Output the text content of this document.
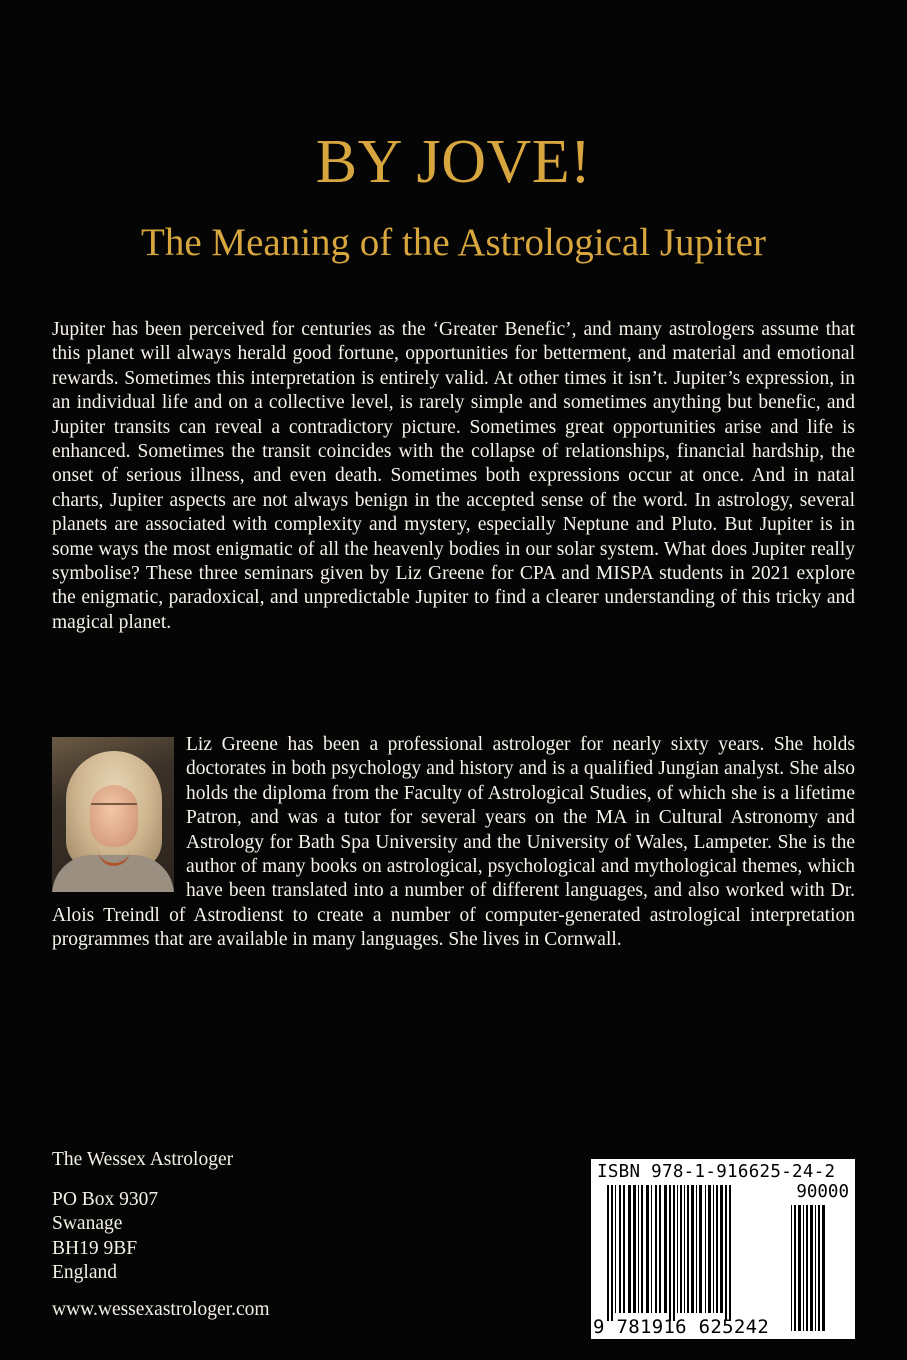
BY JOVE!
The Meaning of the Astrological Jupiter

Jupiter has been perceived for centuries as the ‘Greater Benefic’, and many astrologers assume that this planet will always herald good fortune, opportunities for betterment, and material and emotional rewards. Sometimes this interpretation is entirely valid. At other times it isn’t. Jupiter’s expression, in an individual life and on a collective level, is rarely simple and sometimes anything but benefic, and Jupiter transits can reveal a contradictory picture. Sometimes great opportunities arise and life is enhanced. Sometimes the transit coincides with the collapse of relationships, financial hardship, the onset of serious illness, and even death. Sometimes both expressions occur at once. And in natal charts, Jupiter aspects are not always benign in the accepted sense of the word. In astrology, several planets are associated with complexity and mystery, especially Neptune and Pluto. But Jupiter is in some ways the most enigmatic of all the heavenly bodies in our solar system. What does Jupiter really symbolise? These three seminars given by Liz Greene for CPA and MISPA students in 2021 explore the enigmatic, paradoxical, and unpredictable Jupiter to find a clearer understanding of this tricky and magical planet.

Liz Greene has been a professional astrologer for nearly sixty years. She holds doctorates in both psychology and history and is a qualified Jungian analyst. She also holds the diploma from the Faculty of Astrological Studies, of which she is a lifetime Patron, and was a tutor for several years on the MA in Cultural Astronomy and Astrology for Bath Spa University and the University of Wales, Lampeter. She is the author of many books on astrological, psychological and mythological themes, which have been translated into a number of different languages, and also worked with Dr. Alois Treindl of Astrodienst to create a number of computer-generated astrological interpretation programmes that are available in many languages. She lives in Cornwall.
The Wessex Astrologer
PO Box 9307
Swanage
BH19 9BF
England
www.wessexastrologer.com
ISBN 978-1-916625-24-2
90000
9 781916 625242
